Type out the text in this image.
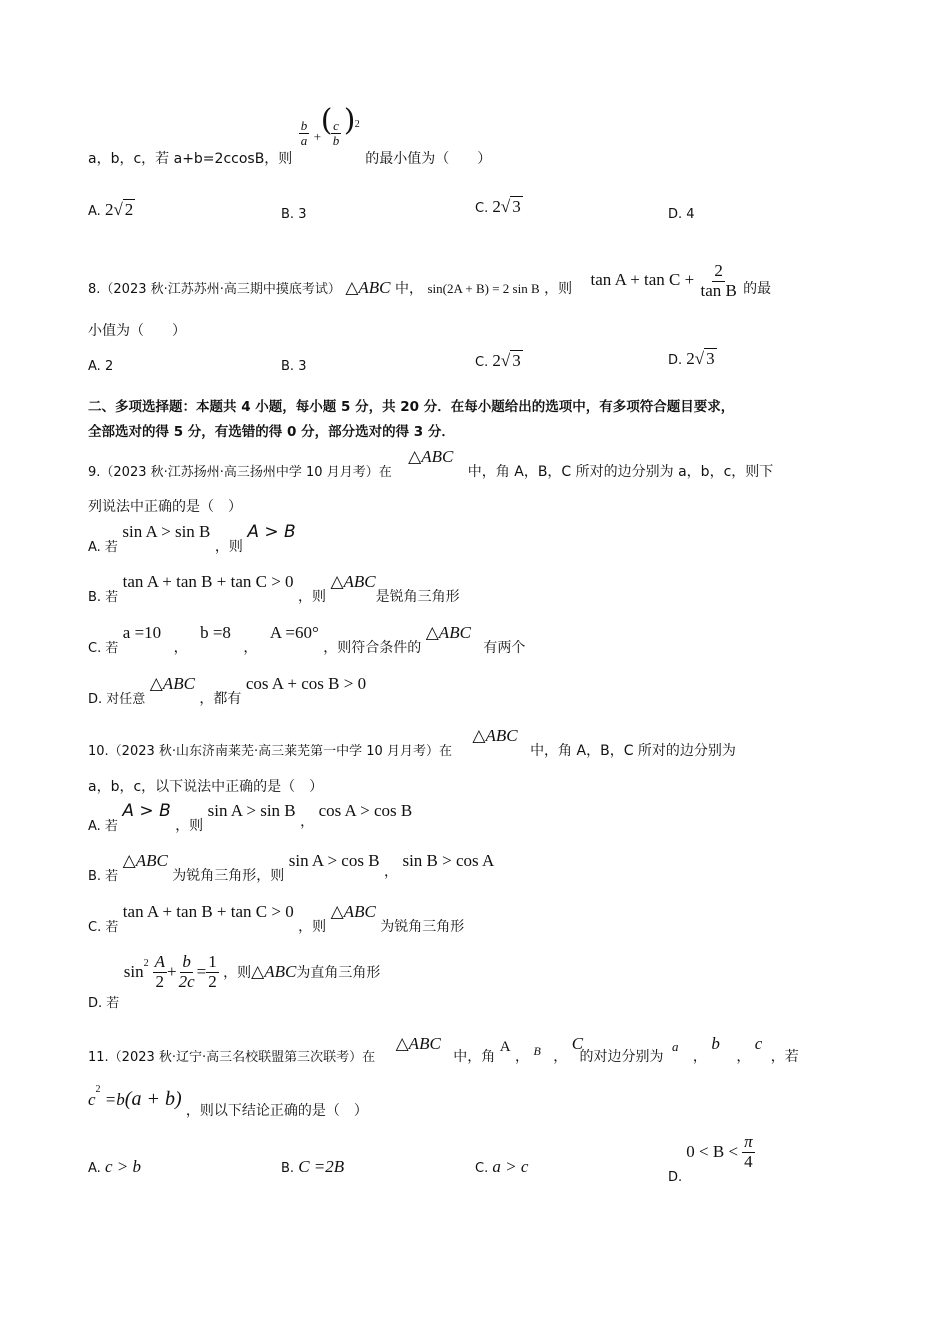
a，b，c，若 a+b=2ccosB，则
$\frac{b}{a}$ + (
$\frac{c}{b}$ ) 2
的最小值为（　　）
A. 2√ 2	B. 3	C. 2√ 3	D. 4
8.（2023 秋·江苏苏州·高三期中摸底考试） △ABC 中， sin(2A + B) = 2 sin B ，则 $\tan A + \tan C + \frac{2}{\text{tan B}}$ 的最
小值为（　　）
A. 2	B. 3	C. 2√ 3	D. 2√ 3
二、多项选择题：本题共 4 小题，每小题 5 分，共 20 分．在每小题给出的选项中，有多项符合题目要求，
全部选对的得 5 分，有选错的得 0 分，部分选对的得 3 分．
9.（2023 秋·江苏扬州·高三扬州中学 10 月月考）在 △ABC 中，角 A，B，C 所对的边分别为 a，b，c，则下
列说法中正确的是（　）
A. 若 sin A > sin B ，则 A > B
B. 若 tan A + tan B + tan C > 0 ，则 △ABC是锐角三角形
C. 若 a =10 ， b =8 ， A =60° ，则符合条件的 △ABC 有两个
D. 对任意 △ABC ，都有 cos A + cos B > 0
10.（2023 秋·山东济南莱芜·高三莱芜第一中学 10 月月考）在 △ABC 中，角 A，B，C 所对的边分别为
a，b，c，以下说法中正确的是（　）
A. 若 A > B ，则 sin A > sin B ， cos A > cos B
B. 若 △ABC 为锐角三角形，则 sin A > cos B ， sin B > cos A
C. 若 tan A + tan B + tan C > 0 ，则 △ABC 为锐角三角形
D. 若
$\sin^2 \frac{A}{2} + \frac{b}{2c} = \frac{1}{2}$ ，则△ABC为直角三角形
11.（2023 秋·辽宁·高三名校联盟第三次联考）在 △ABC 中，角 A ， B ， C 的对边分别为 a ， b ， c ，若
$c^2 =b(a + b)$ ，则以下结论正确的是（　）
A. c > b	B. C =2B	C. a > c
D.
$0 < B < \frac{\pi}{4}$
